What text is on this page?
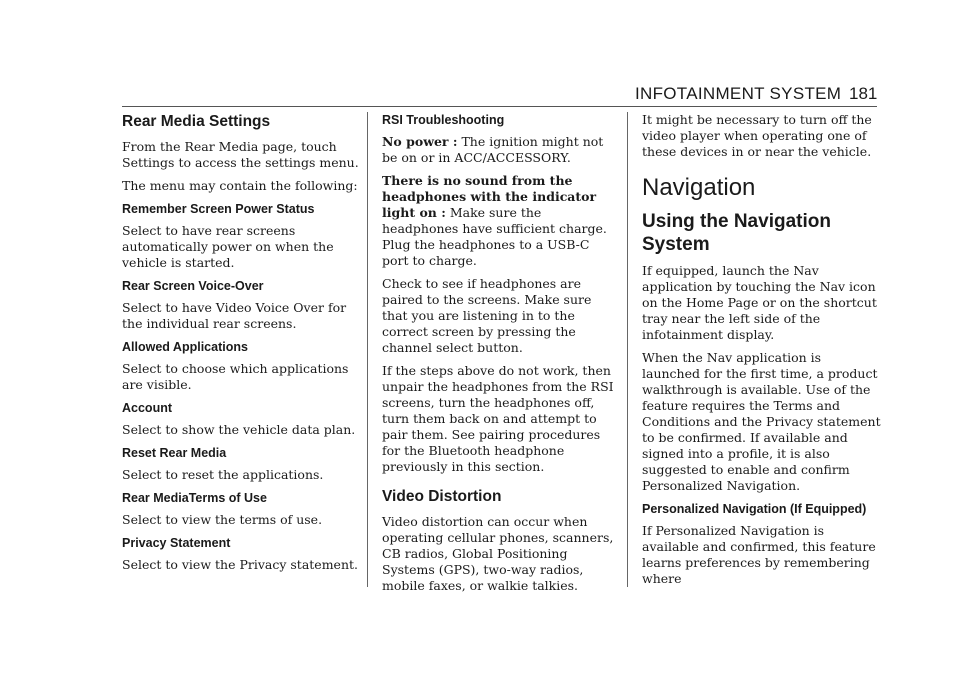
INFOTAINMENT SYSTEM 181
Rear Media Settings

From the Rear Media page, touch Settings to access the settings menu.

The menu may contain the following:

Remember Screen Power Status

Select to have rear screens automatically power on when the vehicle is started.

Rear Screen Voice-Over

Select to have Video Voice Over for the individual rear screens.

Allowed Applications

Select to choose which applications are visible.

Account

Select to show the vehicle data plan.

Reset Rear Media

Select to reset the applications.

Rear MediaTerms of Use

Select to view the terms of use.

Privacy Statement

Select to view the Privacy statement.

RSI Troubleshooting

No power : The ignition might not be on or in ACC/ACCESSORY.

There is no sound from the headphones with the indicator light on : Make sure the headphones have sufficient charge. Plug the headphones to a USB-C port to charge.

Check to see if headphones are paired to the screens. Make sure that you are listening in to the correct screen by pressing the channel select button.

If the steps above do not work, then unpair the headphones from the RSI screens, turn the headphones off, turn them back on and attempt to pair them. See pairing procedures for the Bluetooth headphone previously in this section.

Video Distortion

Video distortion can occur when operating cellular phones, scanners, CB radios, Global Positioning Systems (GPS), two-way radios, mobile faxes, or walkie talkies.

It might be necessary to turn off the video player when operating one of these devices in or near the vehicle.

Navigation
Using the Navigation System

If equipped, launch the Nav application by touching the Nav icon on the Home Page or on the shortcut tray near the left side of the infotainment display.

When the Nav application is launched for the first time, a product walkthrough is available. Use of the feature requires the Terms and Conditions and the Privacy statement to be confirmed. If available and signed into a profile, it is also suggested to enable and confirm Personalized Navigation.

Personalized Navigation (If Equipped)

If Personalized Navigation is available and confirmed, this feature learns preferences by remembering where
